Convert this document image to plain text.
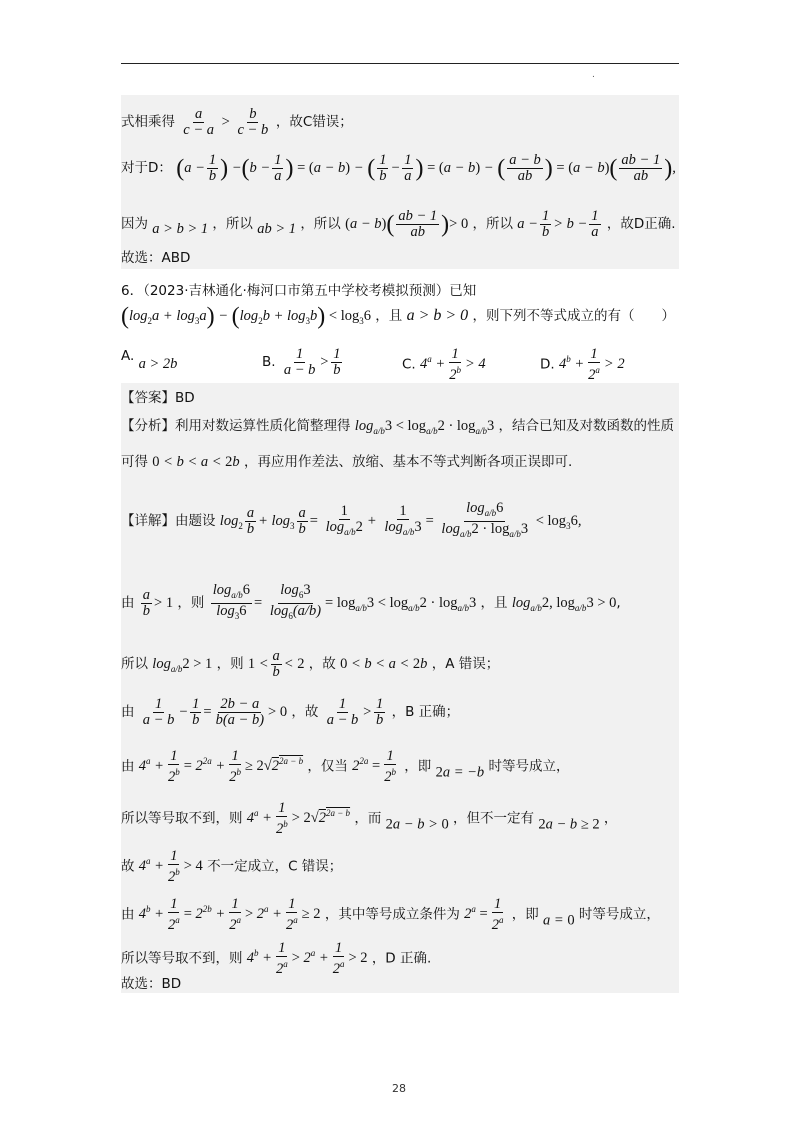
.
式相乘得 $\frac{a}{c - a} > \frac{b}{c - b}$ ，故C错误；
对于D： ($a - \frac{1}{b}$ ) $-(b - \frac{1}{a}$ ) = (a − b) − ( $\frac{1}{b} - \frac{1}{a}$ ) = (a − b) − ( $\frac{a - b}{ab}$ ) = $(a - b)( \frac{ab - 1}{ab}$ ),
因为 a > b > 1 ，所以 ab > 1 ，所以 $(a - b)( \frac{ab - 1}{ab}$ )> 0 ，所以 $a - \frac{1}{b} > b - \frac{1}{a}$ ，故D正确.
故选：ABD
6．（2023·吉林通化·梅河口市第五中学校考模拟预测）已知
$(\log_2a + \log_3a) - (\log_2b + \log_3b) < \log_36$ ，且 a > b > 0 ，则下列不等式成立的有（　　）
A. a > 2b	B. $\frac{1}{a - b} > \frac{1}{b}$	C. $4^a + \frac{1}{2^b} > 4$	D. $4^b + \frac{1}{2^a} > 2$
【答案】BD
【分析】利用对数运算性质化简整理得 $\log_{a/b}3 < \log_{a/b}2 \cdot \log_{a/b}3$ ，结合已知及对数函数的性质
可得 0 < b < a < 2b ，再应用作差法、放缩、基本不等式判断各项正误即可.
【详解】由题设 $\log_2 \frac{a}{b} + \log_3 \frac{a}{b} = \frac{1}{\log_{a/b}2} + \frac{1}{\log_{a/b}3} = \frac{\log_{a/b}6}{\log_{a/b}2 \cdot \log_{a/b}3} < \log_36$,
由 $\frac{a}{b} > 1$ ，则 $\frac{\log_{a/b}6}{\log_36} = \frac{\log_63}{\log_6(a/b)} = \log_{a/b}3 < \log_{a/b}2 \cdot \log_{a/b}3$ ，且 $\log_{a/b}2$, $\log_{a/b}3 > 0$,
所以 $\log_{a/b}2 > 1$ ，则 $1 < \frac{a}{b} < 2$ ，故 0 < b < a < 2b ，A 错误；
由 $\frac{1}{a - b} - \frac{1}{b} = \frac{2b - a}{b(a - b)} > 0$ ，故 $\frac{1}{a - b} > \frac{1}{b}$ ，B 正确；
由 $4^a + \frac{1}{2^b} = 2^{2a} + \frac{1}{2^b} \ge 2√2^{2a - b}$ ，仅当 $2^{2a} = \frac{1}{2^b}$ ，即 2a = −b 时等号成立，
所以等号取不到，则 $4^a + \frac{1}{2^b} > 2√2^{2a - b}$ ，而 2a − b > 0 ，但不一定有 2a − b ≥ 2 ，
故 $4^a + \frac{1}{2^b} > 4$ 不一定成立，C 错误；
由 $4^b + \frac{1}{2^a} = 2^{2b} + \frac{1}{2^a} > 2^a + \frac{1}{2^a} \ge 2$ ，其中等号成立条件为 $2^a = \frac{1}{2^a}$ ，即 a = 0 时等号成立，
所以等号取不到，则 $4^b + \frac{1}{2^a} > 2^a + \frac{1}{2^a} > 2$ ，D 正确.
故选：BD
28
